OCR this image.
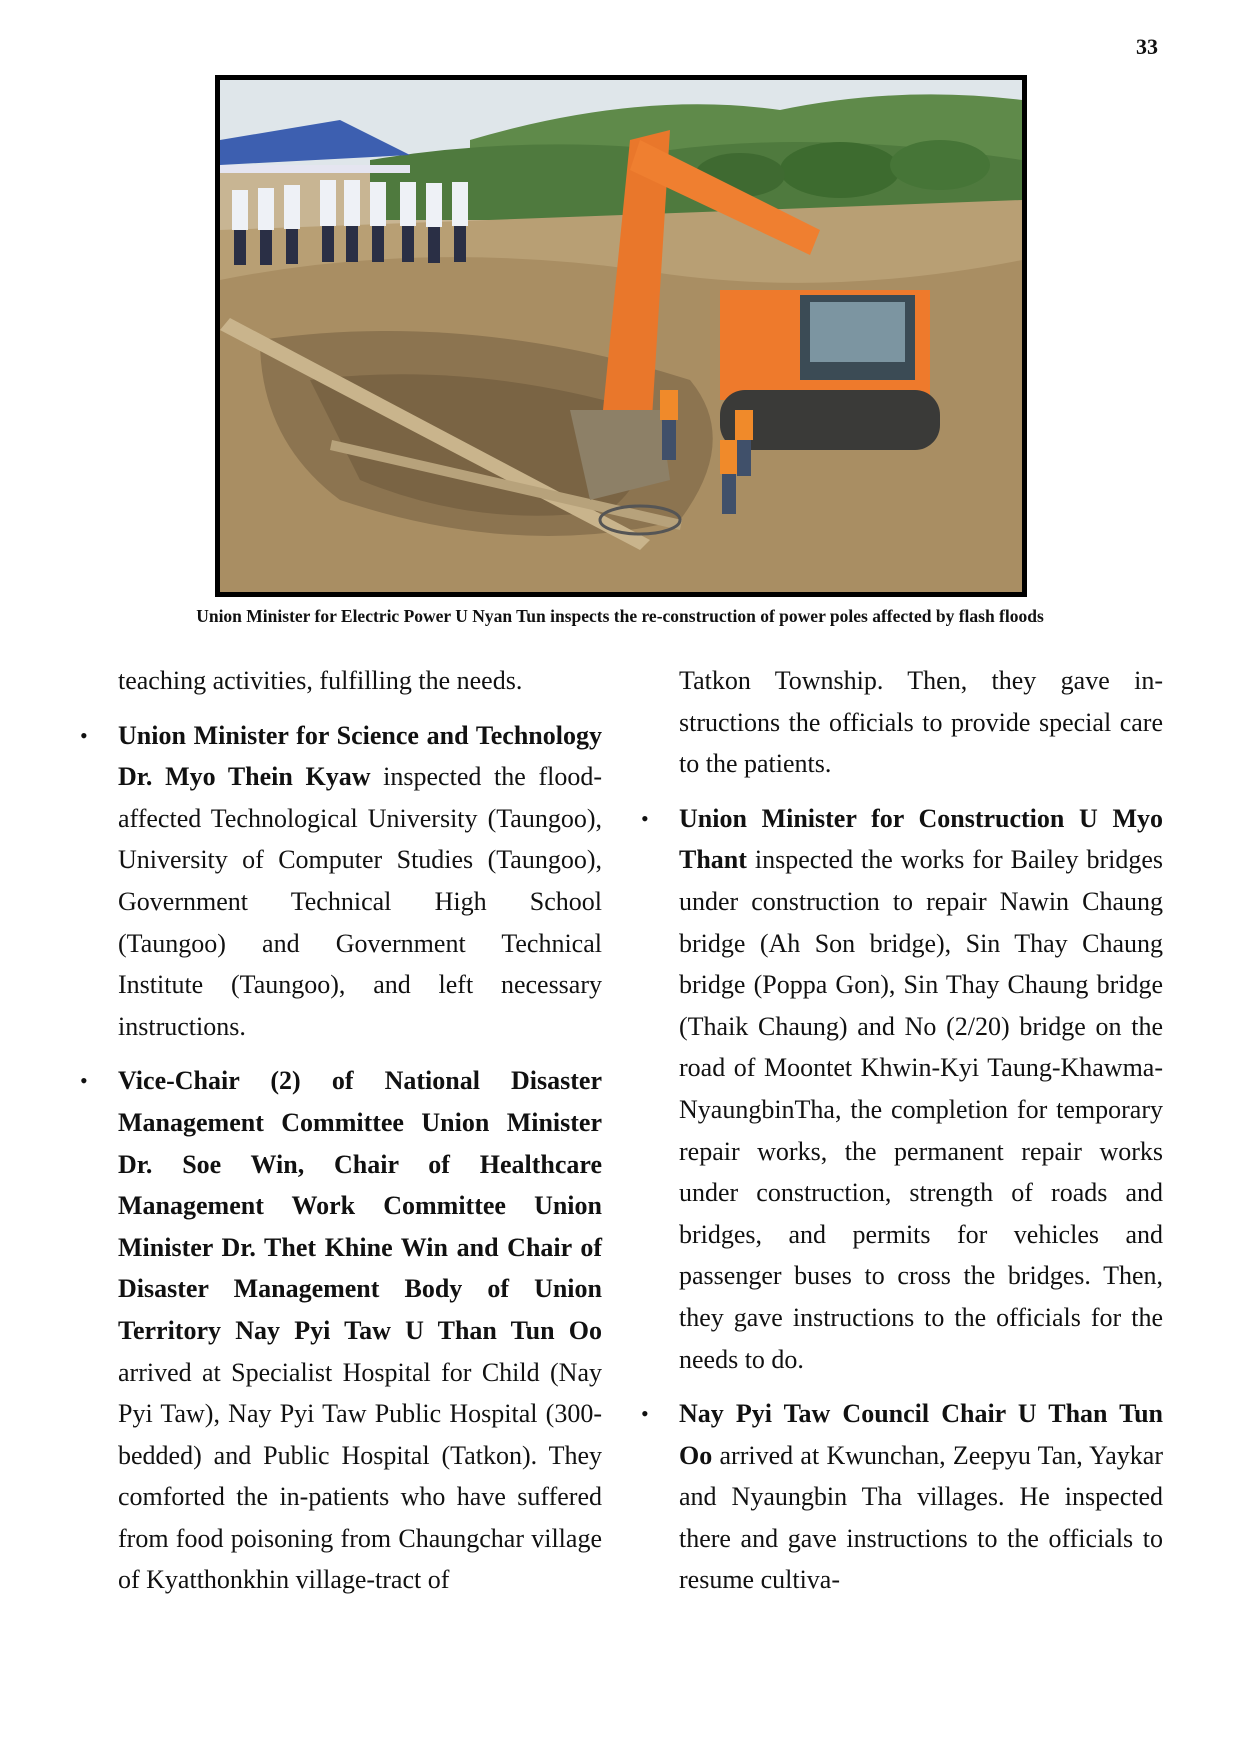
33
Union Minister for Electric Power U Nyan Tun inspects the re-construction of power poles affected by flash floods

teaching activities, fulfilling the needs.

• Union Minister for Science and Technology Dr. Myo Thein Kyaw inspected the flood-affected Technological University (Taungoo), University of Computer Studies (Taungoo), Government Technical High School (Taungoo) and Government Technical Institute (Taungoo), and left necessary instructions.
• Vice-Chair (2) of National Disaster Management Committee Union Minister Dr. Soe Win, Chair of Healthcare Management Work Committee Union Minister Dr. Thet Khine Win and Chair of Disaster Management Body of Union Territory Nay Pyi Taw U Than Tun Oo arrived at Specialist Hospital for Child (Nay Pyi Taw), Nay Pyi Taw Public Hospital (300-bedded) and Public Hospital (Tatkon). They comforted the in-patients who have suffered from food poisoning from Chaungchar village of Kyatthonkhin village-tract of

Tatkon Township. Then, they gave instructions the officials to provide special care to the patients.

• Union Minister for Construction U Myo Thant inspected the works for Bailey bridges under construction to repair Nawin Chaung bridge (Ah Son bridge), Sin Thay Chaung bridge (Poppa Gon), Sin Thay Chaung bridge (Thaik Chaung) and No (2/20) bridge on the road of Moontet Khwin-Kyi Taung-Khawma-NyaungbinTha, the completion for temporary repair works, the permanent repair works under construction, strength of roads and bridges, and permits for vehicles and passenger buses to cross the bridges. Then, they gave instructions to the officials for the needs to do.
• Nay Pyi Taw Council Chair U Than Tun Oo arrived at Kwunchan, Zeepyu Tan, Yaykar and Nyaungbin Tha villages. He inspected there and gave instructions to the officials to resume cultiva-
